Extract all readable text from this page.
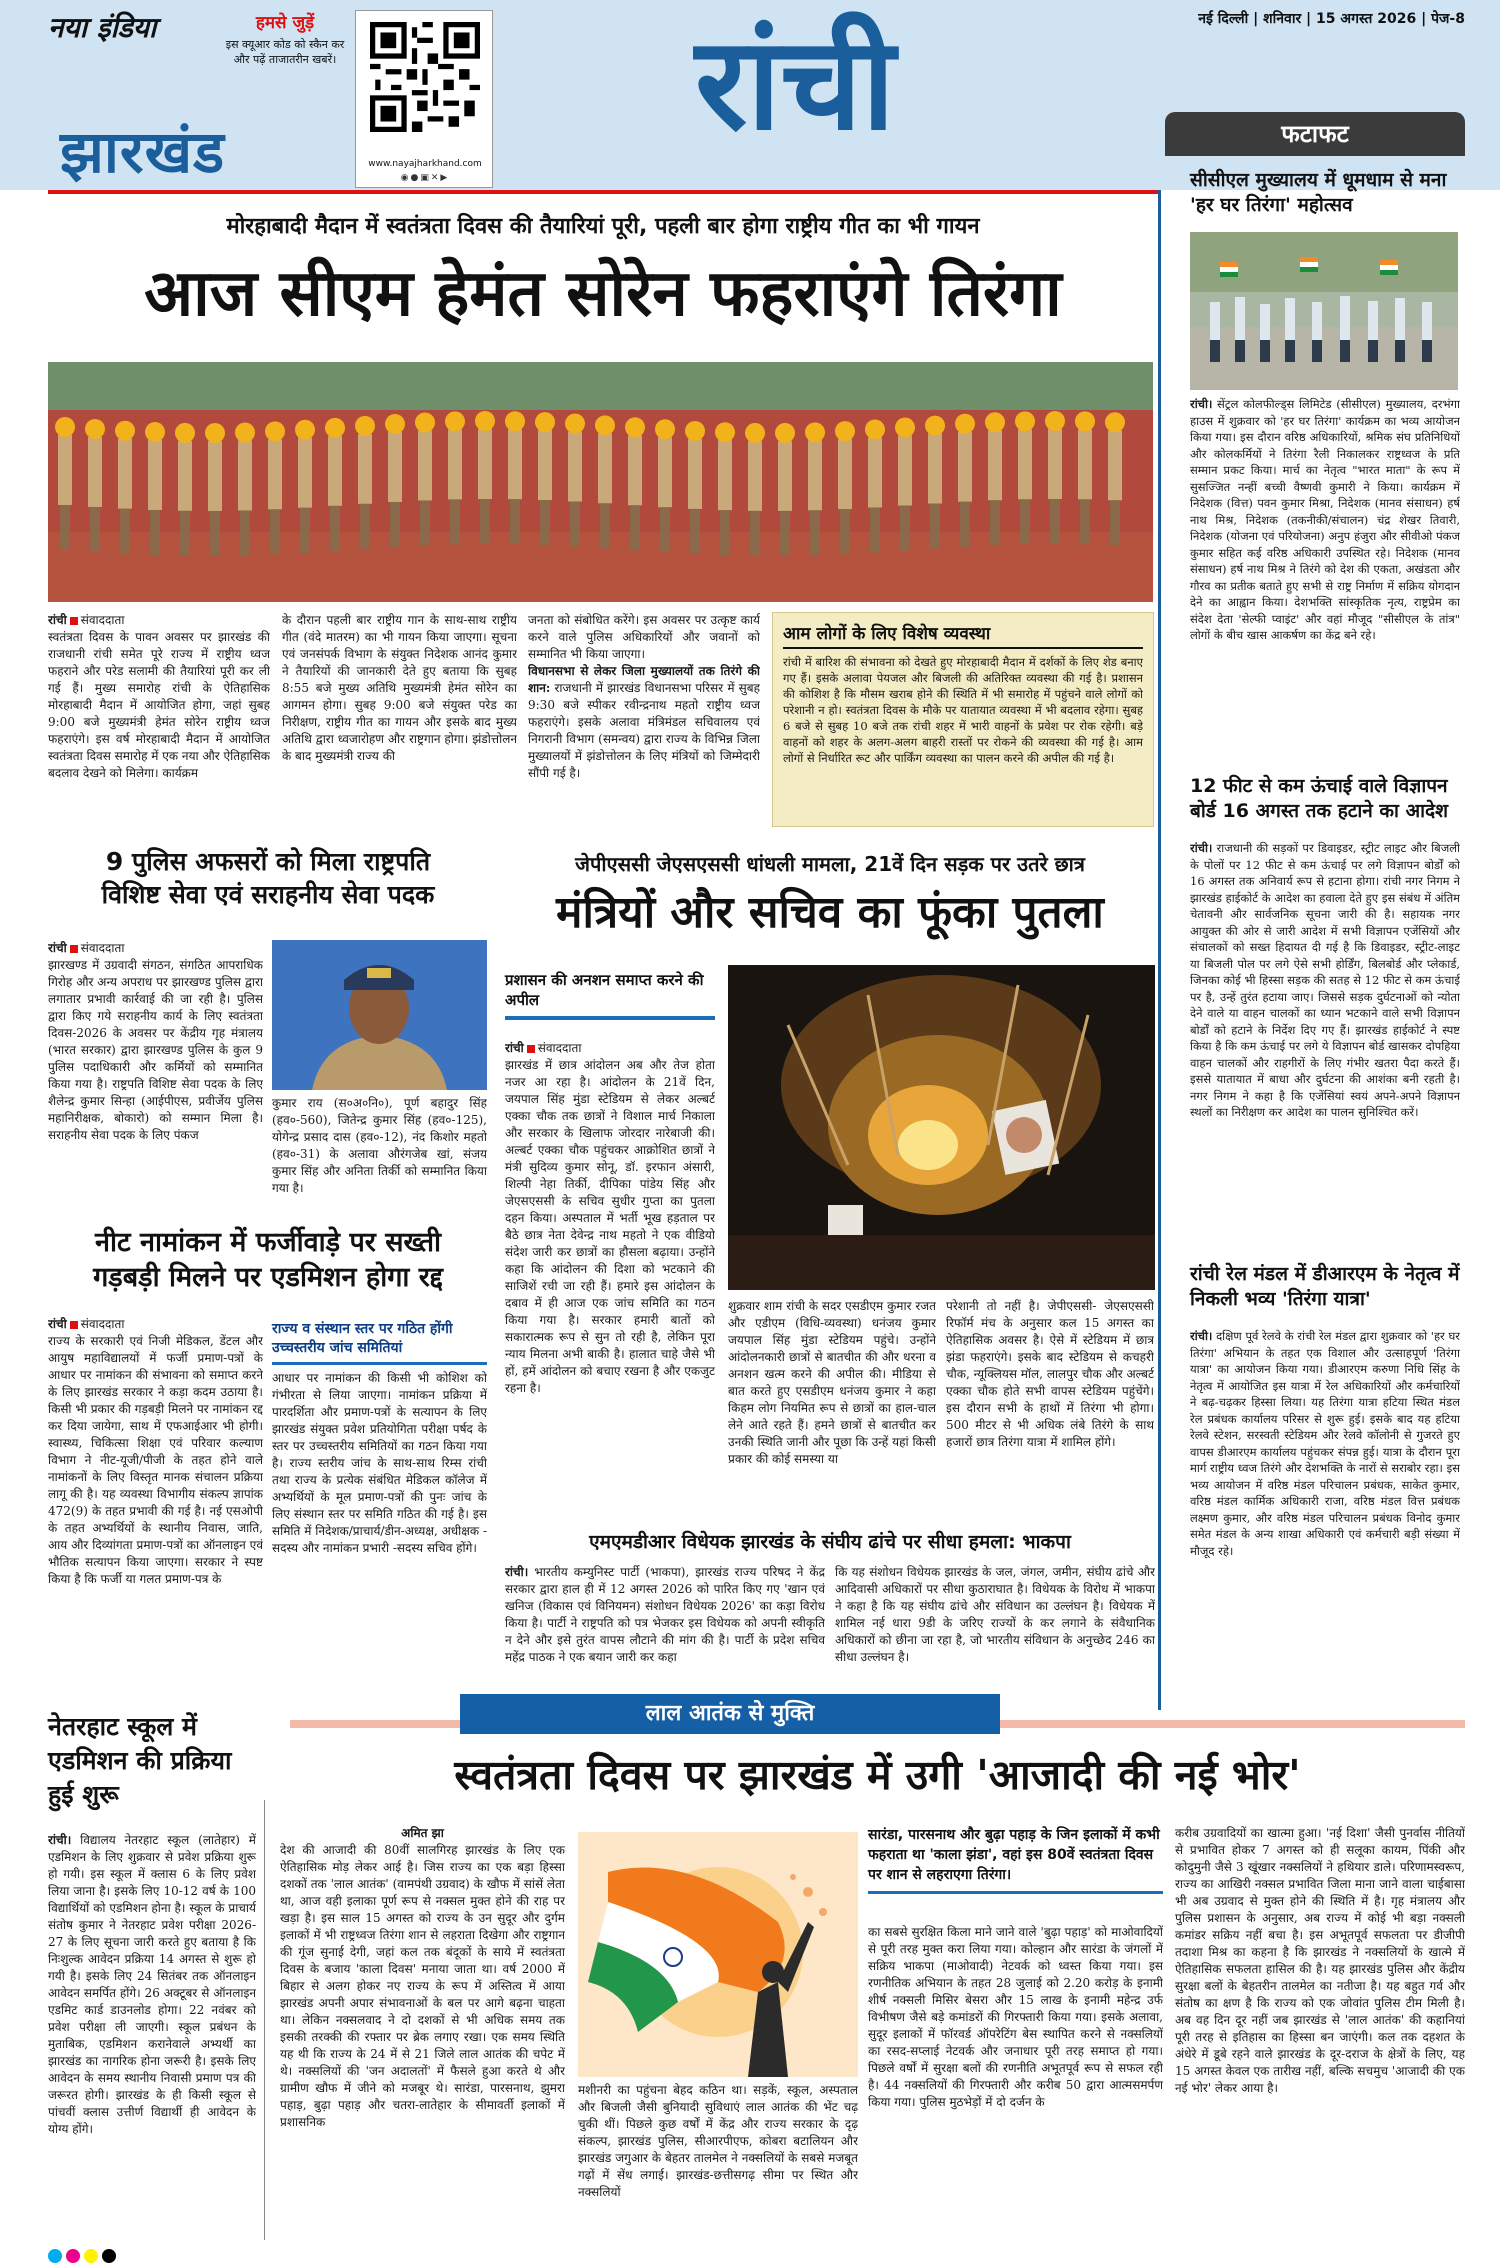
नया इंडिया
झारखंड
हमसे जुड़ें
इस क्यूआर कोड को स्कैन कर और पढ़ें ताजातरीन खबरें।
www.nayajharkhand.com
◉●▣✕▶
रांची	नई दिल्ली | शनिवार | 15 अगस्त 2026 | पेज-8
फटाफट
सीसीएल मुख्यालय में धूमधाम से मना 'हर घर तिरंगा' महोत्सव
रांची। सेंट्रल कोलफील्ड्स लिमिटेड (सीसीएल) मुख्यालय, दरभंगा हाउस में शुक्रवार को 'हर घर तिरंगा' कार्यक्रम का भव्य आयोजन किया गया। इस दौरान वरिष्ठ अधिकारियों, श्रमिक संघ प्रतिनिधियों और कोलकर्मियों ने तिरंगा रैली निकालकर राष्ट्रध्वज के प्रति सम्मान प्रकट किया। मार्च का नेतृत्व "भारत माता" के रूप में सुसज्जित नन्हीं बच्ची वैष्णवी कुमारी ने किया। कार्यक्रम में निदेशक (वित्त) पवन कुमार मिश्रा, निदेशक (मानव संसाधन) हर्ष नाथ मिश्र, निदेशक (तकनीकी/संचालन) चंद्र शेखर तिवारी, निदेशक (योजना एवं परियोजना) अनुप हंजुरा और सीवीओ पंकज कुमार सहित कई वरिष्ठ अधिकारी उपस्थित रहे। निदेशक (मानव संसाधन) हर्ष नाथ मिश्र ने तिरंगे को देश की एकता, अखंडता और गौरव का प्रतीक बताते हुए सभी से राष्ट्र निर्माण में सक्रिय योगदान देने का आह्वान किया। देशभक्ति सांस्कृतिक नृत्य, राष्ट्रप्रेम का संदेश देता 'सेल्फी प्वाइंट' और वहां मौजूद "सीसीएल के तांत्र" लोगों के बीच खास आकर्षण का केंद्र बने रहे।
12 फीट से कम ऊंचाई वाले विज्ञापन बोर्ड 16 अगस्त तक हटाने का आदेश
रांची। राजधानी की सड़कों पर डिवाइडर, स्ट्रीट लाइट और बिजली के पोलों पर 12 फीट से कम ऊंचाई पर लगे विज्ञापन बोर्डों को 16 अगस्त तक अनिवार्य रूप से हटाना होगा। रांची नगर निगम ने झारखंड हाईकोर्ट के आदेश का हवाला देते हुए इस संबंध में अंतिम चेतावनी और सार्वजनिक सूचना जारी की है। सहायक नगर आयुक्त की ओर से जारी आदेश में सभी विज्ञापन एजेंसियों और संचालकों को सख्त हिदायत दी गई है कि डिवाइडर, स्ट्रीट-लाइट या बिजली पोल पर लगे ऐसे सभी होर्डिंग, बिलबोर्ड और प्लेकार्ड, जिनका कोई भी हिस्सा सड़क की सतह से 12 फीट से कम ऊंचाई पर है, उन्हें तुरंत हटाया जाए। जिससे सड़क दुर्घटनाओं को न्योता देने वाले या वाहन चालकों का ध्यान भटकाने वाले सभी विज्ञापन बोर्डों को हटाने के निर्देश दिए गए हैं। झारखंड हाईकोर्ट ने स्पष्ट किया है कि कम ऊंचाई पर लगे ये विज्ञापन बोर्ड खासकर दोपहिया वाहन चालकों और राहगीरों के लिए गंभीर खतरा पैदा करते हैं। इससे यातायात में बाधा और दुर्घटना की आशंका बनी रहती है। नगर निगम ने कहा है कि एजेंसियां स्वयं अपने-अपने विज्ञापन स्थलों का निरीक्षण कर आदेश का पालन सुनिश्चित करें।
रांची रेल मंडल में डीआरएम के नेतृत्व में निकली भव्य 'तिरंगा यात्रा'
रांची। दक्षिण पूर्व रेलवे के रांची रेल मंडल द्वारा शुक्रवार को 'हर घर तिरंगा' अभियान के तहत एक विशाल और उत्साहपूर्ण 'तिरंगा यात्रा' का आयोजन किया गया। डीआरएम करुणा निधि सिंह के नेतृत्व में आयोजित इस यात्रा में रेल अधिकारियों और कर्मचारियों ने बढ़-चढ़कर हिस्सा लिया। यह तिरंगा यात्रा हटिया स्थित मंडल रेल प्रबंधक कार्यालय परिसर से शुरू हुई। इसके बाद यह हटिया रेलवे स्टेशन, सरस्वती स्टेडियम और रेलवे कॉलोनी से गुजरते हुए वापस डीआरएम कार्यालय पहुंचकर संपन्न हुई। यात्रा के दौरान पूरा मार्ग राष्ट्रीय ध्वज तिरंगे और देशभक्ति के नारों से सराबोर रहा। इस भव्य आयोजन में वरिष्ठ मंडल परिचालन प्रबंधक, साकेत कुमार, वरिष्ठ मंडल कार्मिक अधिकारी राजा, वरिष्ठ मंडल वित्त प्रबंधक लक्ष्मण कुमार, और वरिष्ठ मंडल परिचालन प्रबंधक विनोद कुमार समेत मंडल के अन्य शाखा अधिकारी एवं कर्मचारी बड़ी संख्या में मौजूद रहे।
मोरहाबादी मैदान में स्वतंत्रता दिवस की तैयारियां पूरी, पहली बार होगा राष्ट्रीय गीत का भी गायन
आज सीएम हेमंत सोरेन फहराएंगे तिरंगा
रांची संवाददाता
स्वतंत्रता दिवस के पावन अवसर पर झारखंड की राजधानी रांची समेत पूरे राज्य में राष्ट्रीय ध्वज फहराने और परेड सलामी की तैयारियां पूरी कर ली गई हैं। मुख्य समारोह रांची के ऐतिहासिक मोरहाबादी मैदान में आयोजित होगा, जहां सुबह 9:00 बजे मुख्यमंत्री हेमंत सोरेन राष्ट्रीय ध्वज फहराएंगे। इस वर्ष मोरहाबादी मैदान में आयोजित स्वतंत्रता दिवस समारोह में एक नया और ऐतिहासिक बदलाव देखने को मिलेगा। कार्यक्रम
के दौरान पहली बार राष्ट्रीय गान के साथ-साथ राष्ट्रीय गीत (वंदे मातरम) का भी गायन किया जाएगा। सूचना एवं जनसंपर्क विभाग के संयुक्त निदेशक आनंद कुमार ने तैयारियों की जानकारी देते हुए बताया कि सुबह 8:55 बजे मुख्य अतिथि मुख्यमंत्री हेमंत सोरेन का आगमन होगा। सुबह 9:00 बजे संयुक्त परेड का निरीक्षण, राष्ट्रीय गीत का गायन और इसके बाद मुख्य अतिथि द्वारा ध्वजारोहण और राष्ट्रगान होगा। झंडोत्तोलन के बाद मुख्यमंत्री राज्य की
जनता को संबोधित करेंगे। इस अवसर पर उत्कृष्ट कार्य करने वाले पुलिस अधिकारियों और जवानों को सम्मानित भी किया जाएगा।
विधानसभा से लेकर जिला मुख्यालयों तक तिरंगे की शान: राजधानी में झारखंड विधानसभा परिसर में सुबह 9:30 बजे स्पीकर रवीन्द्रनाथ महतो राष्ट्रीय ध्वज फहराएंगे। इसके अलावा मंत्रिमंडल सचिवालय एवं निगरानी विभाग (समन्वय) द्वारा राज्य के विभिन्न जिला मुख्यालयों में झंडोत्तोलन के लिए मंत्रियों को जिम्मेदारी सौंपी गई है।
आम लोगों के लिए विशेष व्यवस्था
रांची में बारिश की संभावना को देखते हुए मोरहाबादी मैदान में दर्शकों के लिए शेड बनाए गए हैं। इसके अलावा पेयजल और बिजली की अतिरिक्त व्यवस्था की गई है। प्रशासन की कोशिश है कि मौसम खराब होने की स्थिति में भी समारोह में पहुंचने वाले लोगों को परेशानी न हो। स्वतंत्रता दिवस के मौके पर यातायात व्यवस्था में भी बदलाव रहेगा। सुबह 6 बजे से सुबह 10 बजे तक रांची शहर में भारी वाहनों के प्रवेश पर रोक रहेगी। बड़े वाहनों को शहर के अलग-अलग बाहरी रास्तों पर रोकने की व्यवस्था की गई है। आम लोगों से निर्धारित रूट और पार्किंग व्यवस्था का पालन करने की अपील की गई है।
9 पुलिस अफसरों को मिला राष्ट्रपति
विशिष्ट सेवा एवं सराहनीय सेवा पदक
रांची संवाददाता
झारखण्ड में उग्रवादी संगठन, संगठित आपराधिक गिरोह और अन्य अपराध पर झारखण्ड पुलिस द्वारा लगातार प्रभावी कार्रवाई की जा रही है। पुलिस द्वारा किए गये सराहनीय कार्य के लिए स्वतंत्रता दिवस-2026 के अवसर पर केंद्रीय गृह मंत्रालय (भारत सरकार) द्वारा झारखण्ड पुलिस के कुल 9 पुलिस पदाधिकारी और कर्मियों को सम्मानित किया गया है। राष्ट्रपति विशिष्ट सेवा पदक के लिए शैलेन्द्र कुमार सिन्हा (आईपीएस, प्रवीर्जेय पुलिस महानिरीक्षक, बोकारो) को सम्मान मिला है। सराहनीय सेवा पदक के लिए पंकज
कुमार राय (स०अ०नि०), पूर्ण बहादुर सिंह (हव०-560), जितेन्द्र कुमार सिंह (हव०-125), योगेन्द्र प्रसाद दास (हव०-12), नंद किशोर महतो (हव०-31) के अलावा औरंगजेब खां, संजय कुमार सिंह और अनिता तिर्की को सम्मानित किया गया है।
नीट नामांकन में फर्जीवाड़े पर सख्ती
गड़बड़ी मिलने पर एडमिशन होगा रद्द
रांची संवाददाता
राज्य के सरकारी एवं निजी मेडिकल, डेंटल और आयुष महाविद्यालयों में फर्जी प्रमाण-पत्रों के आधार पर नामांकन की संभावना को समाप्त करने के लिए झारखंड सरकार ने कड़ा कदम उठाया है। किसी भी प्रकार की गड़बड़ी मिलने पर नामांकन रद्द कर दिया जायेगा, साथ में एफआईआर भी होगी। स्वास्थ्य, चिकित्सा शिक्षा एवं परिवार कल्याण विभाग ने नीट-यूजी/पीजी के तहत होने वाले नामांकनों के लिए विस्तृत मानक संचालन प्रक्रिया लागू की है। यह व्यवस्था विभागीय संकल्प ज्ञापांक 472(9) के तहत प्रभावी की गई है। नई एसओपी के तहत अभ्यर्थियों के स्थानीय निवास, जाति, आय और दिव्यांगता प्रमाण-पत्रों का ऑनलाइन एवं भौतिक सत्यापन किया जाएगा। सरकार ने स्पष्ट किया है कि फर्जी या गलत प्रमाण-पत्र के
राज्य व संस्थान स्तर पर गठित होंगी उच्चस्तरीय जांच समितियां
आधार पर नामांकन की किसी भी कोशिश को गंभीरता से लिया जाएगा। नामांकन प्रक्रिया में पारदर्शिता और प्रमाण-पत्रों के सत्यापन के लिए झारखंड संयुक्त प्रवेश प्रतियोगिता परीक्षा पर्षद के स्तर पर उच्चस्तरीय समितियों का गठन किया गया है। राज्य स्तरीय जांच के साथ-साथ रिम्स रांची तथा राज्य के प्रत्येक संबंधित मेडिकल कॉलेज में अभ्यर्थियों के मूल प्रमाण-पत्रों की पुनः जांच के लिए संस्थान स्तर पर समिति गठित की गई है। इस समिति में निदेशक/प्राचार्य/डीन-अध्यक्ष, अधीक्षक - सदस्य और नामांकन प्रभारी -सदस्य सचिव होंगे।
जेपीएससी जेएसएससी धांधली मामला, 21वें दिन सड़क पर उतरे छात्र
मंत्रियों और सचिव का फूंका पुतला
प्रशासन की अनशन समाप्त करने की अपील
रांची संवाददाता
झारखंड में छात्र आंदोलन अब और तेज होता नजर आ रहा है। आंदोलन के 21वें दिन, जयपाल सिंह मुंडा स्टेडियम से लेकर अल्बर्ट एक्का चौक तक छात्रों ने विशाल मार्च निकाला और सरकार के खिलाफ जोरदार नारेबाजी की। अल्बर्ट एक्का चौक पहुंचकर आक्रोशित छात्रों ने मंत्री सुदिव्य कुमार सोनू, डॉ. इरफान अंसारी, शिल्पी नेहा तिर्की, दीपिका पांडेय सिंह और जेएसएससी के सचिव सुधीर गुप्ता का पुतला दहन किया। अस्पताल में भर्ती भूख हड़ताल पर बैठे छात्र नेता देवेन्द्र नाथ महतो ने एक वीडियो संदेश जारी कर छात्रों का हौसला बढ़ाया। उन्होंने कहा कि आंदोलन की दिशा को भटकाने की साजिशें रची जा रही हैं। हमारे इस आंदोलन के दबाव में ही आज एक जांच समिति का गठन किया गया है। सरकार हमारी बातों को सकारात्मक रूप से सुन तो रही है, लेकिन पूरा न्याय मिलना अभी बाकी है। हालात चाहे जैसे भी हों, हमें आंदोलन को बचाए रखना है और एकजुट रहना है।
शुक्रवार शाम रांची के सदर एसडीएम कुमार रजत और एडीएम (विधि-व्यवस्था) धनंजय कुमार जयपाल सिंह मुंडा स्टेडियम पहुंचे। उन्होंने आंदोलनकारी छात्रों से बातचीत की और धरना व अनशन खत्म करने की अपील की। मीडिया से बात करते हुए एसडीएम धनंजय कुमार ने कहा किहम लोग नियमित रूप से छात्रों का हाल-चाल लेने आते रहते हैं। हमने छात्रों से बातचीत कर उनकी स्थिति जानी और पूछा कि उन्हें यहां किसी प्रकार की कोई समस्या या
परेशानी तो नहीं है। जेपीएससी- जेएसएससी रिफॉर्म मंच के अनुसार कल 15 अगस्त का ऐतिहासिक अवसर है। ऐसे में स्टेडियम में छात्र झंडा फहराएंगे। इसके बाद स्टेडियम से कचहरी चौक, न्यूक्लियस मॉल, लालपुर चौक और अल्बर्ट एक्का चौक होते सभी वापस स्टेडियम पहुंचेंगे। इस दौरान सभी के हाथों में तिरंगा भी होगा। 500 मीटर से भी अधिक लंबे तिरंगे के साथ हजारों छात्र तिरंगा यात्रा में शामिल होंगे।
एमएमडीआर विधेयक झारखंड के संघीय ढांचे पर सीधा हमला: भाकपा
रांची। भारतीय कम्युनिस्ट पार्टी (भाकपा), झारखंड राज्य परिषद ने केंद्र सरकार द्वारा हाल ही में 12 अगस्त 2026 को पारित किए गए 'खान एवं खनिज (विकास एवं विनियमन) संशोधन विधेयक 2026' का कड़ा विरोध किया है। पार्टी ने राष्ट्रपति को पत्र भेजकर इस विधेयक को अपनी स्वीकृति न देने और इसे तुरंत वापस लौटाने की मांग की है। पार्टी के प्रदेश सचिव महेंद्र पाठक ने एक बयान जारी कर कहा
कि यह संशोधन विधेयक झारखंड के जल, जंगल, जमीन, संघीय ढांचे और आदिवासी अधिकारों पर सीधा कुठाराघात है। विधेयक के विरोध में भाकपा ने कहा है कि यह संघीय ढांचे और संविधान का उल्लंघन है। विधेयक में शामिल नई धारा 9डी के जरिए राज्यों के कर लगाने के संवैधानिक अधिकारों को छीना जा रहा है, जो भारतीय संविधान के अनुच्छेद 246 का सीधा उल्लंघन है।
नेतरहाट स्कूल में
एडमिशन की प्रक्रिया
हुई शुरू
रांची। विद्यालय नेतरहाट स्कूल (लातेहार) में एडमिशन के लिए शुक्रवार से प्रवेश प्रक्रिया शुरू हो गयी। इस स्कूल में क्लास 6 के लिए प्रवेश लिया जाना है। इसके लिए 10-12 वर्ष के 100 विद्यार्थियों को एडमिशन होना है। स्कूल के प्राचार्य संतोष कुमार ने नेतरहाट प्रवेश परीक्षा 2026-27 के लिए सूचना जारी करते हुए बताया है कि निःशुल्क आवेदन प्रक्रिया 14 अगस्त से शुरू हो गयी है। इसके लिए 24 सितंबर तक ऑनलाइन आवेदन समर्पित होंगे। 26 अक्टूबर से ऑनलाइन एडमिट कार्ड डाउनलोड होगा। 22 नवंबर को प्रवेश परीक्षा ली जाएगी। स्कूल प्रबंधन के मुताबिक, एडमिशन करानेवाले अभ्यर्थी का झारखंड का नागरिक होना जरूरी है। इसके लिए आवेदन के समय स्थानीय निवासी प्रमाण पत्र की जरूरत होगी। झारखंड के ही किसी स्कूल से पांचवीं क्लास उत्तीर्ण विद्यार्थी ही आवेदन के योग्य होंगे।
लाल आतंक से मुक्ति
स्वतंत्रता दिवस पर झारखंड में उगी 'आजादी की नई भोर'
अमित झा
देश की आजादी की 80वीं सालगिरह झारखंड के लिए एक ऐतिहासिक मोड़ लेकर आई है। जिस राज्य का एक बड़ा हिस्सा दशकों तक 'लाल आतंक' (वामपंथी उग्रवाद) के खौफ में सांसें लेता था, आज वही इलाका पूर्ण रूप से नक्सल मुक्त होने की राह पर खड़ा है। इस साल 15 अगस्त को राज्य के उन सुदूर और दुर्गम इलाकों में भी राष्ट्रध्वज तिरंगा शान से लहराता दिखेगा और राष्ट्रगान की गूंज सुनाई देगी, जहां कल तक बंदूकों के साये में स्वतंत्रता दिवस के बजाय 'काला दिवस' मनाया जाता था। वर्ष 2000 में बिहार से अलग होकर नए राज्य के रूप में अस्तित्व में आया झारखंड अपनी अपार संभावनाओं के बल पर आगे बढ़ना चाहता था। लेकिन नक्सलवाद ने दो दशकों से भी अधिक समय तक इसकी तरक्की की रफ्तार पर ब्रेक लगाए रखा। एक समय स्थिति यह थी कि राज्य के 24 में से 21 जिले लाल आतंक की चपेट में थे। नक्सलियों की 'जन अदालतों' में फैसले हुआ करते थे और ग्रामीण खौफ में जीने को मजबूर थे। सारंडा, पारसनाथ, झुमरा पहाड़, बुढ़ा पहाड़ और चतरा-लातेहार के सीमावर्ती इलाकों में प्रशासनिक
मशीनरी का पहुंचना बेहद कठिन था। सड़कें, स्कूल, अस्पताल और बिजली जैसी बुनियादी सुविधाएं लाल आतंक की भेंट चढ़ चुकी थीं। पिछले कुछ वर्षों में केंद्र और राज्य सरकार के दृढ़ संकल्प, झारखंड पुलिस, सीआरपीएफ, कोबरा बटालियन और झारखंड जगुआर के बेहतर तालमेल ने नक्सलियों के सबसे मजबूत गढ़ों में सेंध लगाई। झारखंड-छत्तीसगढ़ सीमा पर स्थित और नक्सलियों
सारंडा, पारसनाथ और बुढ़ा पहाड़ के जिन इलाकों में कभी फहराता था 'काला झंडा', वहां इस 80वें स्वतंत्रता दिवस पर शान से लहराएगा तिरंगा।
का सबसे सुरक्षित किला माने जाने वाले 'बुढ़ा पहाड़' को माओवादियों से पूरी तरह मुक्त करा लिया गया। कोल्हान और सारंडा के जंगलों में सक्रिय भाकपा (माओवादी) नेटवर्क को ध्वस्त किया गया। इस रणनीतिक अभियान के तहत 28 जुलाई को 2.20 करोड़ के इनामी शीर्ष नक्सली मिसिर बेसरा और 15 लाख के इनामी महेन्द्र उर्फ विभीषण जैसे बड़े कमांडरों की गिरफ्तारी किया गया। इसके अलावा, सुदूर इलाकों में फॉरवर्ड ऑपरेटिंग बेस स्थापित करने से नक्सलियों का रसद-सप्लाई नेटवर्क और जनाधार पूरी तरह समाप्त हो गया। पिछले वर्षों में सुरक्षा बलों की रणनीति अभूतपूर्व रूप से सफल रही है। 44 नक्सलियों की गिरफ्तारी और करीब 50 द्वारा आत्मसमर्पण किया गया। पुलिस मुठभेड़ों में दो दर्जन के
करीब उग्रवादियों का खात्मा हुआ। 'नई दिशा' जैसी पुनर्वास नीतियों से प्रभावित होकर 7 अगस्त को ही सलूका कायम, पिंकी और कोदुमुनी जैसे 3 खूंखार नक्सलियों ने हथियार डाले। परिणामस्वरूप, राज्य का आखिरी नक्सल प्रभावित जिला माना जाने वाला चाईबासा भी अब उग्रवाद से मुक्त होने की स्थिति में है। गृह मंत्रालय और पुलिस प्रशासन के अनुसार, अब राज्य में कोई भी बड़ा नक्सली कमांडर सक्रिय नहीं बचा है। इस अभूतपूर्व सफलता पर डीजीपी तदाशा मिश्र का कहना है कि झारखंड ने नक्सलियों के खात्मे में ऐतिहासिक सफलता हासिल की है। यह झारखंड पुलिस और केंद्रीय सुरक्षा बलों के बेहतरीन तालमेल का नतीजा है। यह बहुत गर्व और संतोष का क्षण है कि राज्य को एक जोवांत पुलिस टीम मिली है। अब वह दिन दूर नहीं जब झारखंड से 'लाल आतंक' की कहानियां पूरी तरह से इतिहास का हिस्सा बन जाएंगी। कल तक दहशत के अंधेरे में डूबे रहने वाले झारखंड के दूर-दराज के क्षेत्रों के लिए, यह 15 अगस्त केवल एक तारीख नहीं, बल्कि सचमुच 'आजादी की एक नई भोर' लेकर आया है।
